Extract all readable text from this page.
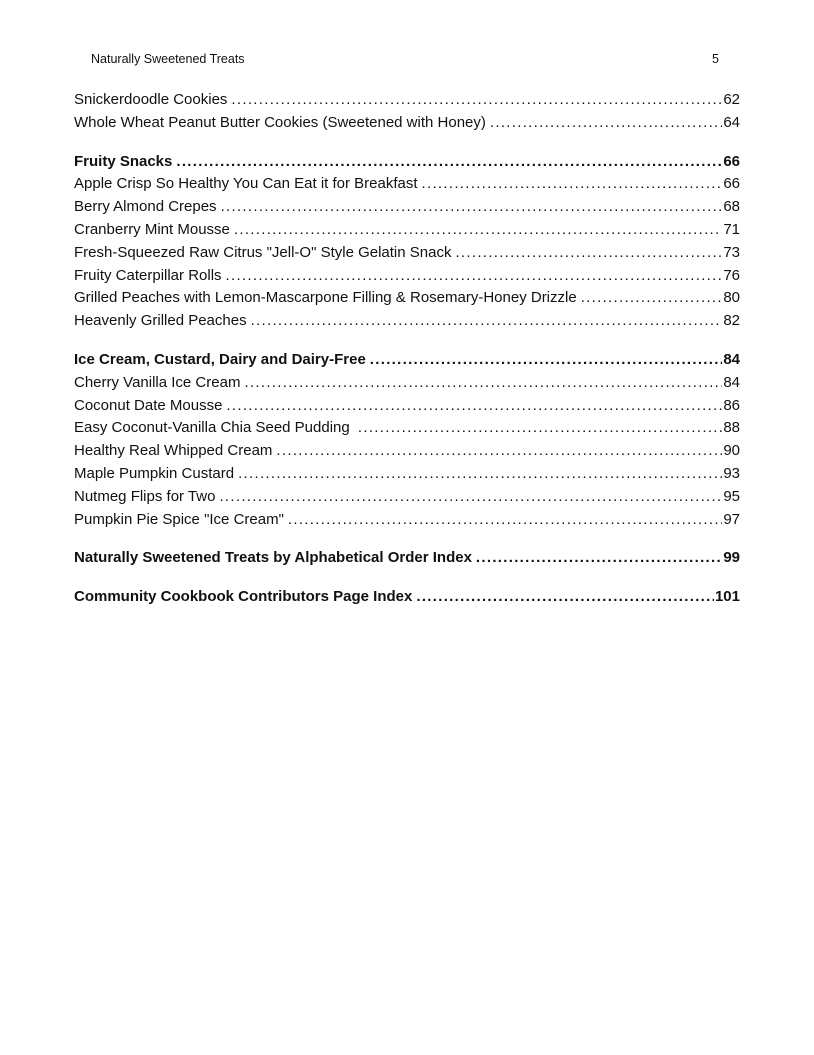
Naturally Sweetened Treats	5
Snickerdoodle Cookies .....	62
Whole Wheat Peanut Butter Cookies (Sweetened with Honey) .....	64
Fruity Snacks .....	66
Apple Crisp So Healthy You Can Eat it for Breakfast .....	66
Berry Almond Crepes .....	68
Cranberry Mint Mousse .....	71
Fresh-Squeezed Raw Citrus "Jell-O" Style Gelatin Snack .....	73
Fruity Caterpillar Rolls .....	76
Grilled Peaches with Lemon-Mascarpone Filling & Rosemary-Honey Drizzle .....	80
Heavenly Grilled Peaches .....	82
Ice Cream, Custard, Dairy and Dairy-Free .....	84
Cherry Vanilla Ice Cream .....	84
Coconut Date Mousse .....	86
Easy Coconut-Vanilla Chia Seed Pudding .....	88
Healthy Real Whipped Cream .....	90
Maple Pumpkin Custard .....	93
Nutmeg Flips for Two .....	95
Pumpkin Pie Spice "Ice Cream" .....	97
Naturally Sweetened Treats by Alphabetical Order Index .....	99
Community Cookbook Contributors Page Index .....	101
